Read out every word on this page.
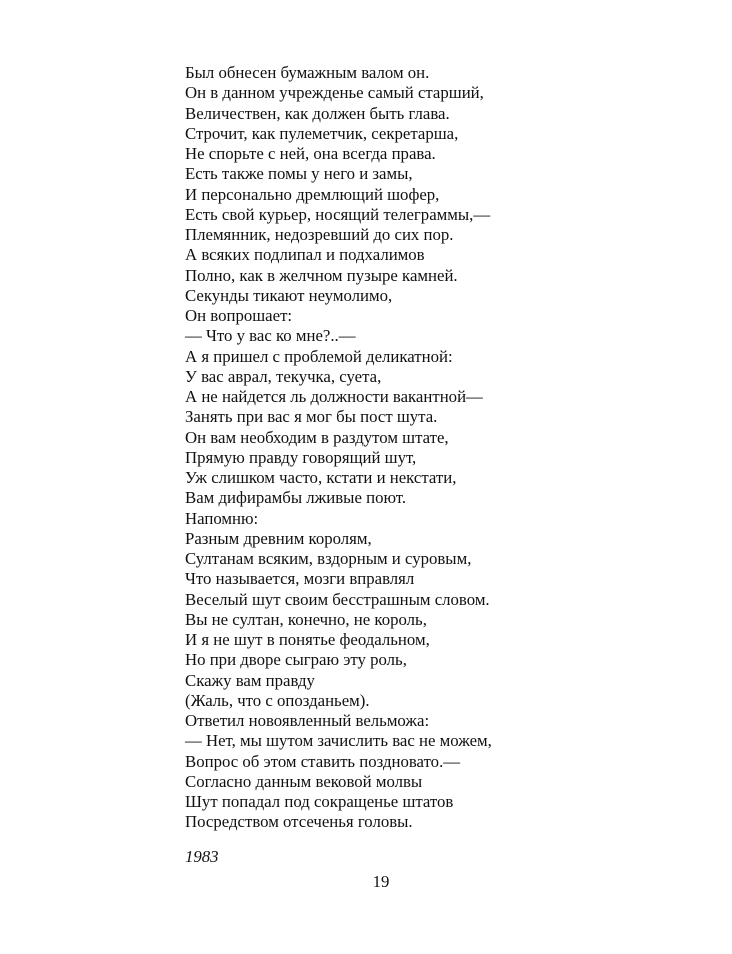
Был обнесен бумажным валом он.
Он в данном учрежденье самый старший,
Величествен, как должен быть глава.
Строчит, как пулеметчик, секретарша,
Не спорьте с ней, она всегда права.
Есть также помы у него и замы,
И персонально дремлющий шофер,
Есть свой курьер, носящий телеграммы,—
Племянник, недозревший до сих пор.
А всяких подлипал и подхалимов
Полно, как в желчном пузыре камней.
Секунды тикают неумолимо,
Он вопрошает:
— Что у вас ко мне?..—
А я пришел с проблемой деликатной:
У вас аврал, текучка, суета,
А не найдется ль должности вакантной—
Занять при вас я мог бы пост шута.
Он вам необходим в раздутом штате,
Прямую правду говорящий шут,
Уж слишком часто, кстати и некстати,
Вам дифирамбы лживые поют.
Напомню:
Разным древним королям,
Султанам всяким, вздорным и суровым,
Что называется, мозги вправлял
Веселый шут своим бесстрашным словом.
Вы не султан, конечно, не король,
И я не шут в понятье феодальном,
Но при дворе сыграю эту роль,
Скажу вам правду
(Жаль, что с опозданьем).
Ответил новоявленный вельможа:
— Нет, мы шутом зачислить вас не можем,
Вопрос об этом ставить поздновато.—
Согласно данным вековой молвы
Шут попадал под сокращенье штатов
Посредством отсеченья головы.
1983
19
